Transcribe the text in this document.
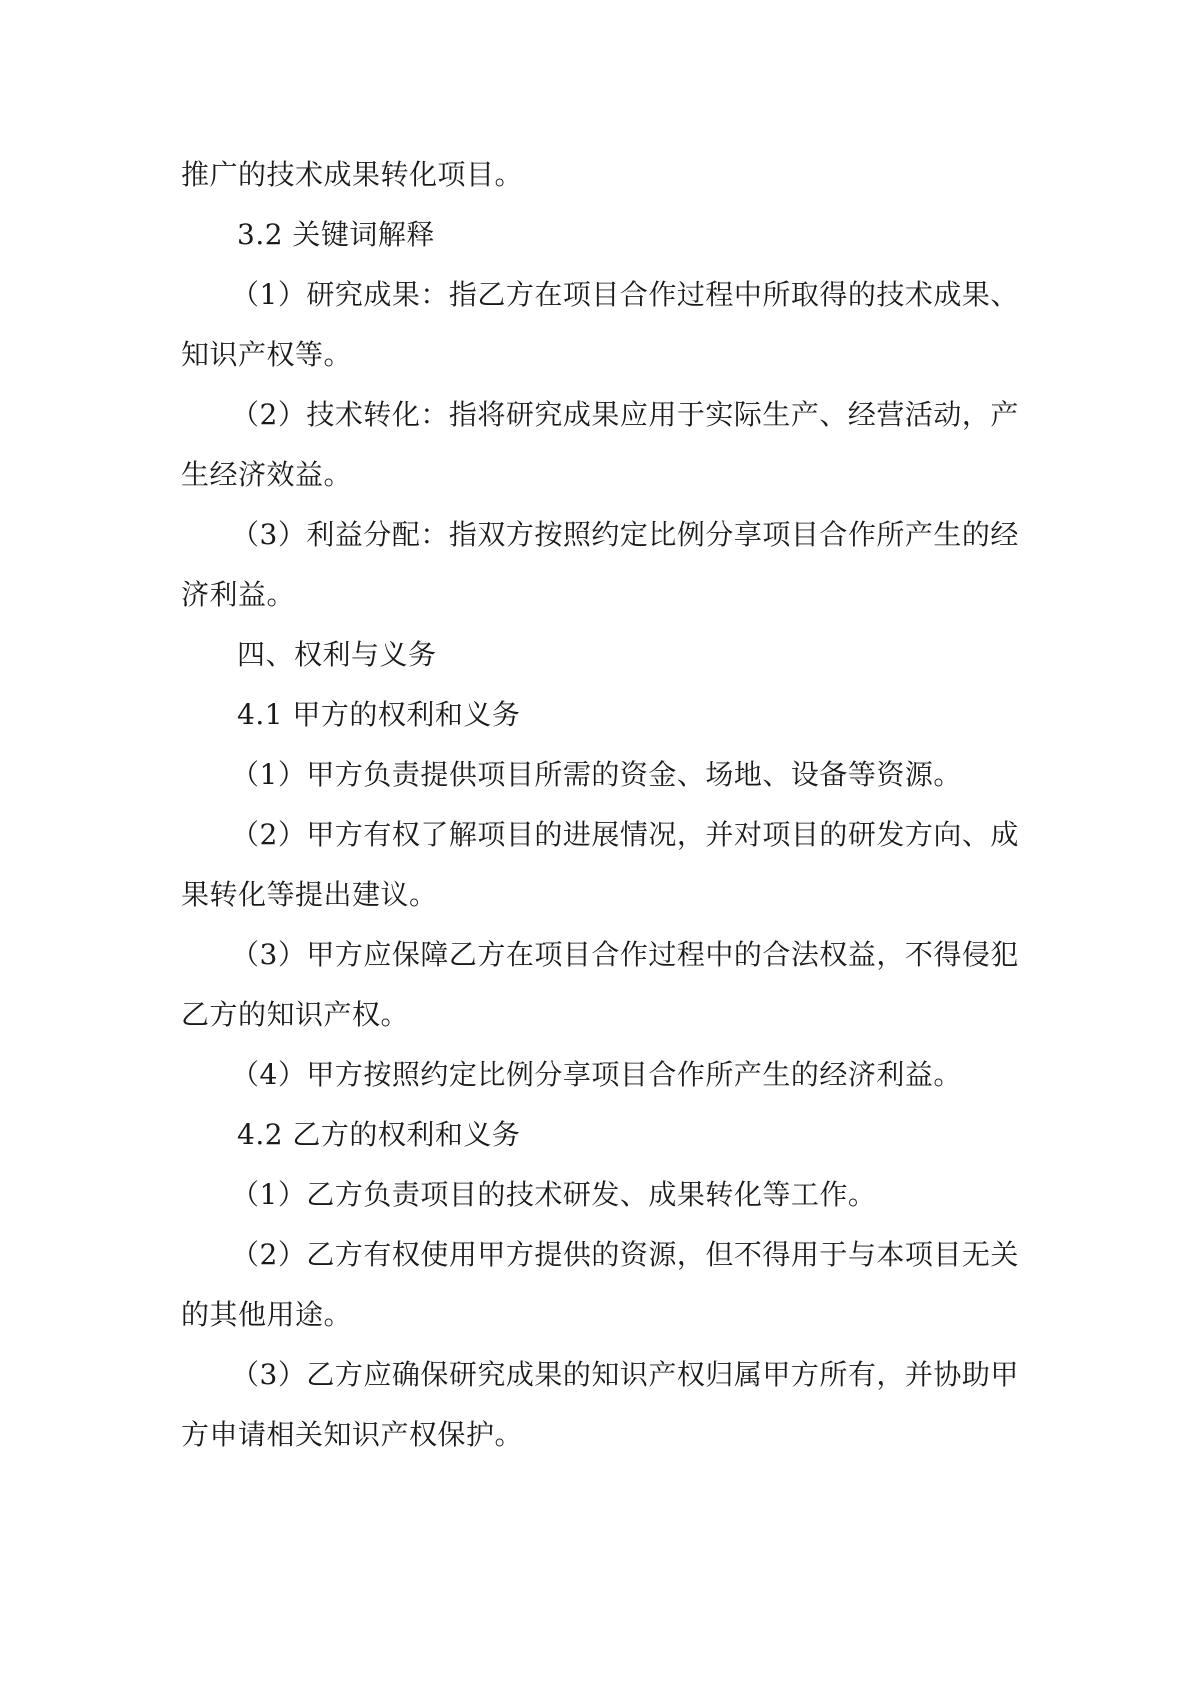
推广的技术成果转化项目。
3.2 关键词解释
（1）研究成果：指乙方在项目合作过程中所取得的技术成果、
知识产权等。
（2）技术转化：指将研究成果应用于实际生产、经营活动，产
生经济效益。
（3）利益分配：指双方按照约定比例分享项目合作所产生的经
济利益。
四、权利与义务
4.1 甲方的权利和义务
（1）甲方负责提供项目所需的资金、场地、设备等资源。
（2）甲方有权了解项目的进展情况，并对项目的研发方向、成
果转化等提出建议。
（3）甲方应保障乙方在项目合作过程中的合法权益，不得侵犯
乙方的知识产权。
（4）甲方按照约定比例分享项目合作所产生的经济利益。
4.2 乙方的权利和义务
（1）乙方负责项目的技术研发、成果转化等工作。
（2）乙方有权使用甲方提供的资源，但不得用于与本项目无关
的其他用途。
（3）乙方应确保研究成果的知识产权归属甲方所有，并协助甲
方申请相关知识产权保护。
